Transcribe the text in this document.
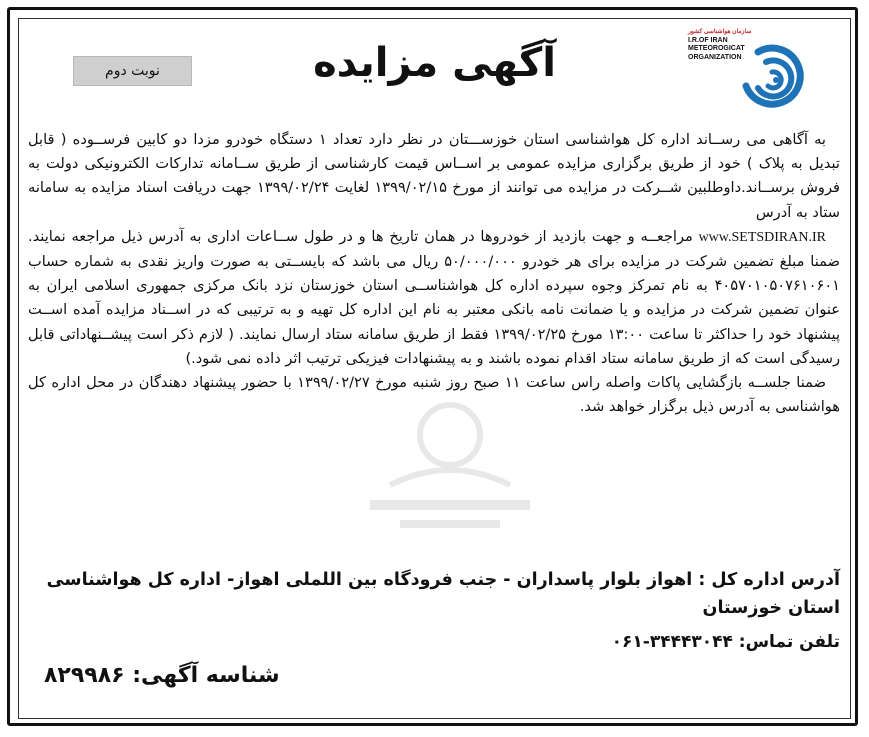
سازمان هواشناسی کشور
I.R.OF IRAN
METEOROGICAT
ORGANIZATION
آگهی مزایده
نوبت دوم

به آگاهی می رســاند اداره کل هواشناسی استان خوزســـتان در نظر دارد تعداد ۱ دستگاه خودرو مزدا دو کابین فرســوده ( قابل تبدیل به پلاک ) خود از طریق برگزاری مزایده عمومی بر اســاس قیمت کارشناسی از طریق ســامانه تدارکات الکترونیکی دولت به فروش برســاند.داوطلبین شــرکت در مزایده می توانند از مورخ ۱۳۹۹/۰۲/۱۵ لغایت ۱۳۹۹/۰۲/۲۴ جهت دریافت اسناد مزایده به سامانه ستاد به آدرس

www.SETSDIRAN.IR مراجعــه و جهت بازدید از خودروها در همان تاریخ ها و در طول ســاعات اداری به آدرس ذیل مراجعه نمایند. ضمنا مبلغ تضمین شرکت در مزایده برای هر خودرو ۵۰/۰۰۰/۰۰۰ ریال می باشد که بایســتی به صورت واریز نقدی به شماره حساب ۴۰۵۷۰۱۰۵۰۷۶۱۰۶۰۱ به نام تمرکز وجوه سپرده اداره کل هواشناســی استان خوزستان نزد بانک مرکزی جمهوری اسلامی ایران به عنوان تضمین شرکت در مزایده و یا ضمانت نامه بانکی معتبر به نام این اداره کل تهیه و به ترتیبی که در اســناد مزایده آمده اســت پیشنهاد خود را حداکثر تا ساعت ۱۳:۰۰ مورخ ۱۳۹۹/۰۲/۲۵ فقط از طریق سامانه ستاد ارسال نمایند. ( لازم ذکر است پیشــنهاداتی قابل رسیدگی است که از طریق سامانه ستاد اقدام نموده باشند و به پیشنهادات فیزیکی ترتیب اثر داده نمی شود.)

ضمنا جلســه بازگشایی پاکات واصله راس ساعت ۱۱ صبح روز شنبه مورخ ۱۳۹۹/۰۲/۲۷ با حضور پیشنهاد دهندگان در محل اداره کل هواشناسی به آدرس ذیل برگزار خواهد شد.

آدرس اداره کل : اهواز بلوار پاسداران - جنب فرودگاه بین اللملی اهواز- اداره کل هواشناسی استان خوزستان
تلفن تماس: ۳۴۴۴۳۰۴۴-۰۶۱
شناسه آگهی: ۸۲۹۹۸۶
